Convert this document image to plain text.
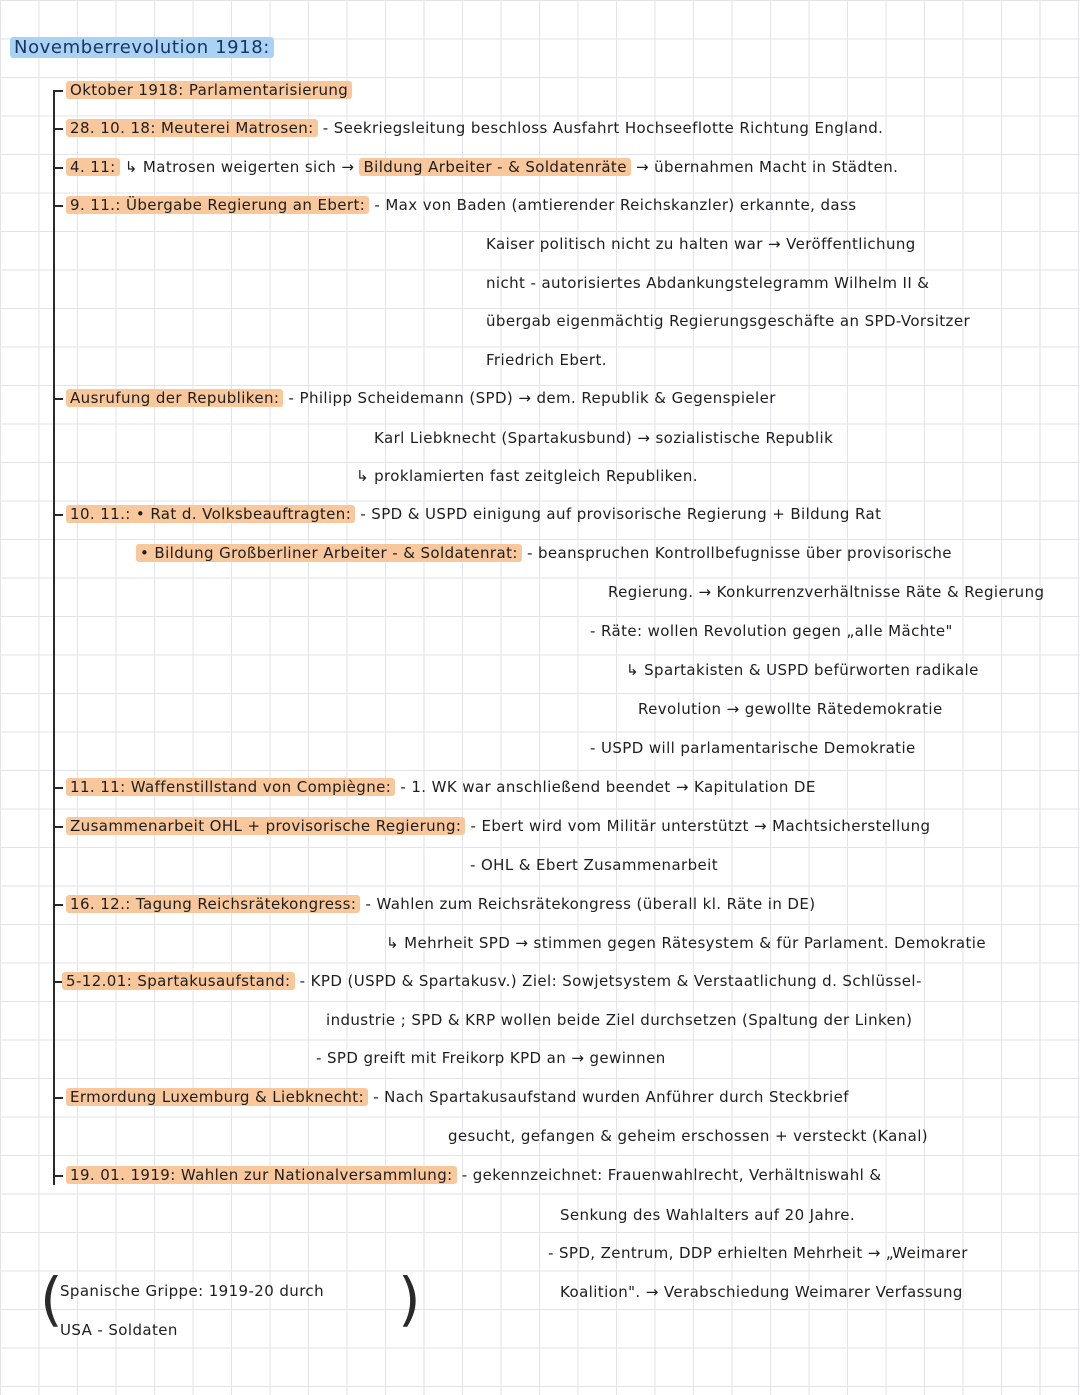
Novemberrevolution 1918:
Oktober 1918: Parlamentarisierung
28. 10. 18: Meuterei Matrosen: - Seekriegsleitung beschloss Ausfahrt Hochseeflotte Richtung England.
4. 11: ↳ Matrosen weigerten sich → Bildung Arbeiter - & Soldatenräte → übernahmen Macht in Städten.
9. 11.: Übergabe Regierung an Ebert: - Max von Baden (amtierender Reichskanzler) erkannte, dass
Kaiser politisch nicht zu halten war → Veröffentlichung
nicht - autorisiertes Abdankungstelegramm Wilhelm II &
übergab eigenmächtig Regierungsgeschäfte an SPD-Vorsitzer
Friedrich Ebert.
Ausrufung der Republiken: - Philipp Scheidemann (SPD) → dem. Republik & Gegenspieler
Karl Liebknecht (Spartakusbund) → sozialistische Republik
↳ proklamierten fast zeitgleich Republiken.
10. 11.: • Rat d. Volksbeauftragten: - SPD & USPD einigung auf provisorische Regierung + Bildung Rat
• Bildung Großberliner Arbeiter - & Soldatenrat: - beanspruchen Kontrollbefugnisse über provisorische
Regierung. → Konkurrenzverhältnisse Räte & Regierung
- Räte: wollen Revolution gegen „alle Mächte"
↳ Spartakisten & USPD befürworten radikale
Revolution → gewollte Rätedemokratie
- USPD will parlamentarische Demokratie
11. 11: Waffenstillstand von Compiègne: - 1. WK war anschließend beendet → Kapitulation DE
Zusammenarbeit OHL + provisorische Regierung: - Ebert wird vom Militär unterstützt → Machtsicherstellung
- OHL & Ebert Zusammenarbeit
16. 12.: Tagung Reichsrätekongress: - Wahlen zum Reichsrätekongress (überall kl. Räte in DE)
↳ Mehrheit SPD → stimmen gegen Rätesystem & für Parlament. Demokratie
5-12.01: Spartakusaufstand: - KPD (USPD & Spartakusv.) Ziel: Sowjetsystem & Verstaatlichung d. Schlüssel-
industrie ; SPD & KRP wollen beide Ziel durchsetzen (Spaltung der Linken)
- SPD greift mit Freikorp KPD an → gewinnen
Ermordung Luxemburg & Liebknecht: - Nach Spartakusaufstand wurden Anführer durch Steckbrief
gesucht, gefangen & geheim erschossen + versteckt (Kanal)
19. 01. 1919: Wahlen zur Nationalversammlung: - gekennzeichnet: Frauenwahlrecht, Verhältniswahl &
Senkung des Wahlalters auf 20 Jahre.
- SPD, Zentrum, DDP erhielten Mehrheit → „Weimarer
Koalition". → Verabschiedung Weimarer Verfassung
(	)
Spanische Grippe: 1919-20 durch
USA - Soldaten
